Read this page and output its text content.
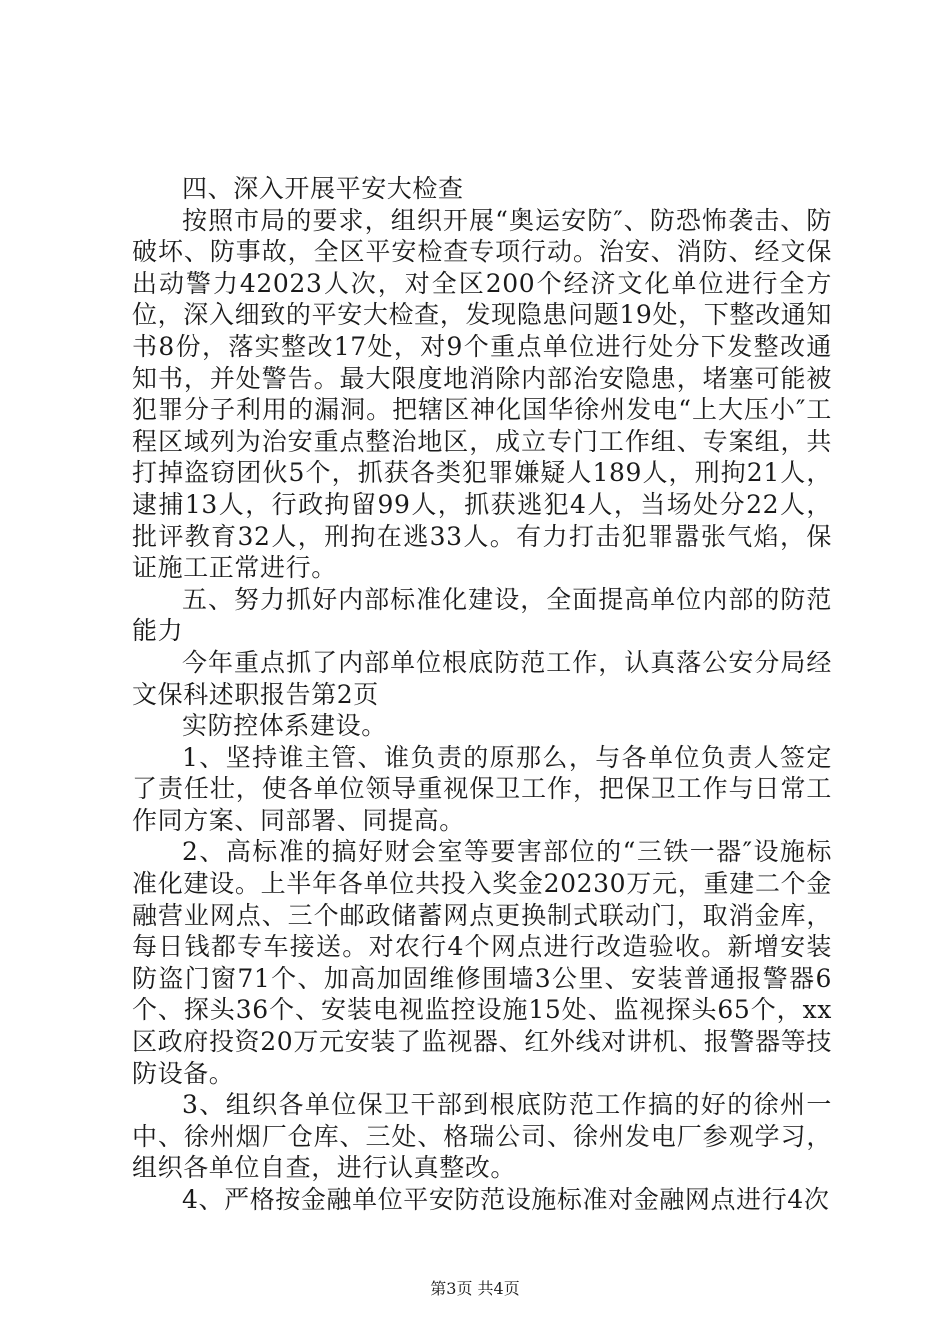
四、深入开展平安大检查

按照市局的要求，组织开展“奥运安防″、防恐怖袭击、防破坏、防事故，全区平安检查专项行动。治安、消防、经文保出动警力42023人次，对全区200个经济文化单位进行全方位，深入细致的平安大检查，发现隐患问题19处，下整改通知书8份，落实整改17处，对9个重点单位进行处分下发整改通知书，并处警告。最大限度地消除内部治安隐患，堵塞可能被犯罪分子利用的漏洞。把辖区神化国华徐州发电“上大压小″工程区域列为治安重点整治地区，成立专门工作组、专案组，共打掉盗窃团伙5个，抓获各类犯罪嫌疑人189人，刑拘21人，逮捕13人，行政拘留99人，抓获逃犯4人，当场处分22人，批评教育32人，刑拘在逃33人。有力打击犯罪嚣张气焰，保证施工正常进行。

五、努力抓好内部标准化建设，全面提高单位内部的防范能力

今年重点抓了内部单位根底防范工作，认真落公安分局经文保科述职报告第2页

实防控体系建设。

1、坚持谁主管、谁负责的原那么，与各单位负责人签定了责任壮，使各单位领导重视保卫工作，把保卫工作与日常工作同方案、同部署、同提高。

2、高标准的搞好财会室等要害部位的“三铁一器″设施标准化建设。上半年各单位共投入奖金20230万元，重建二个金融营业网点、三个邮政储蓄网点更换制式联动门，取消金库，每日钱都专车接送。对农行4个网点进行改造验收。新增安装防盗门窗71个、加高加固维修围墙3公里、安装普通报警器6个、探头36个、安装电视监控设施15处、监视探头65个，xx区政府投资20万元安装了监视器、红外线对讲机、报警器等技防设备。

3、组织各单位保卫干部到根底防范工作搞的好的徐州一中、徐州烟厂仓库、三处、格瑞公司、徐州发电厂参观学习，组织各单位自查，进行认真整改。

4、严格按金融单位平安防范设施标准对金融网点进行4次

第3页 共4页
